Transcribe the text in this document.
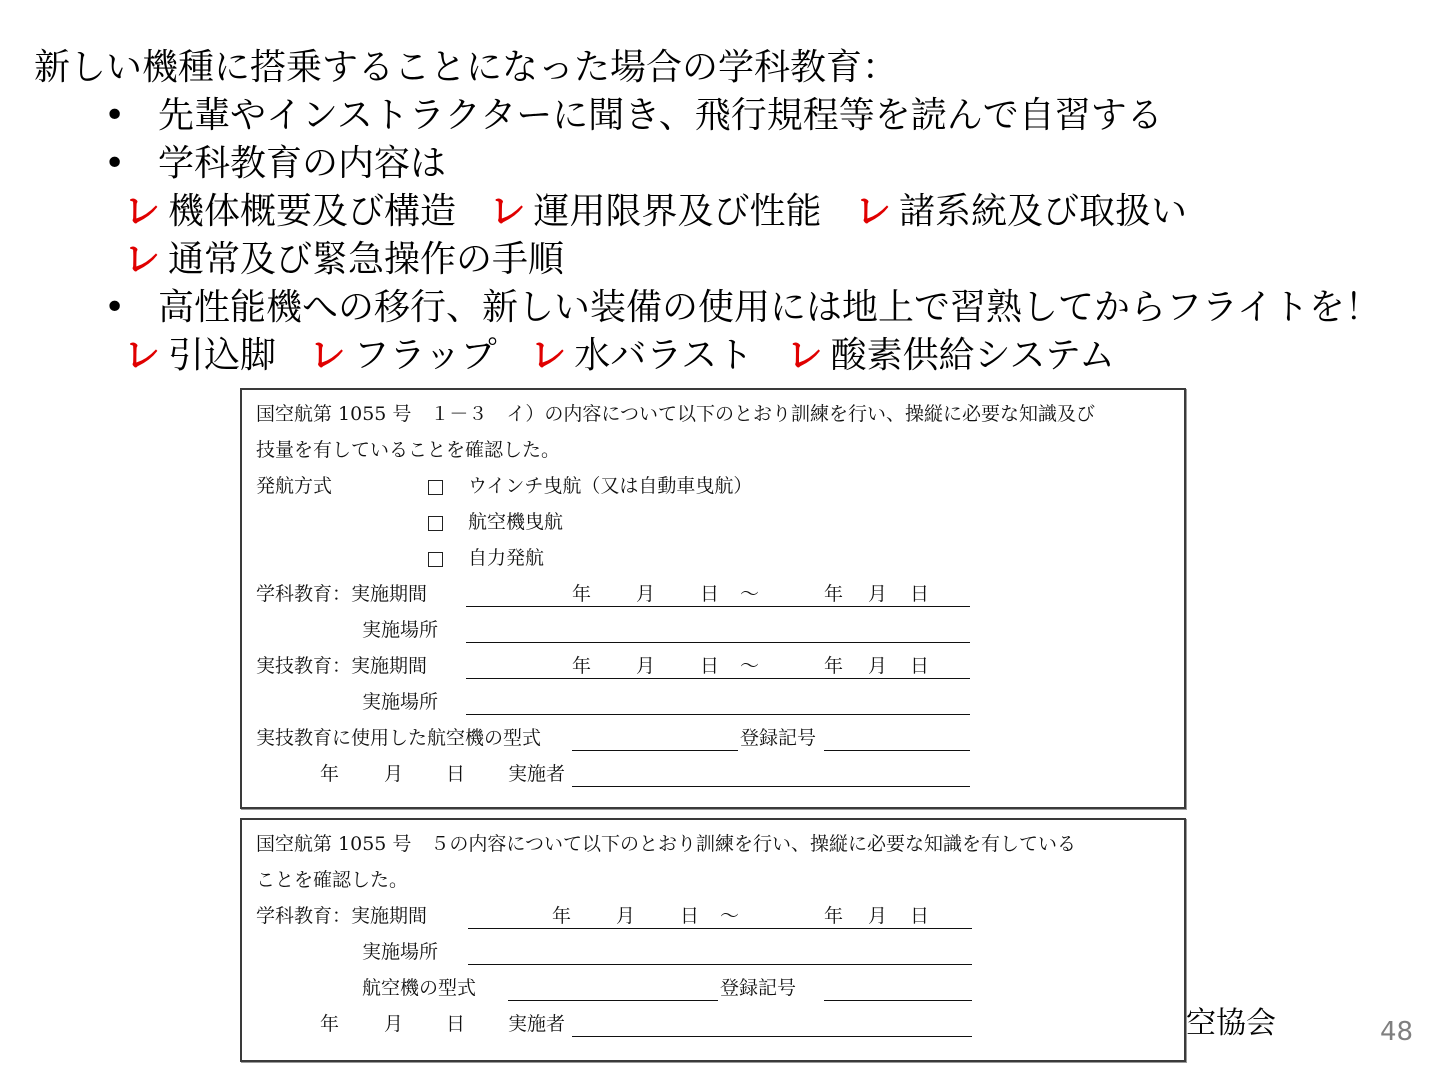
新しい機種に搭乗することになった場合の学科教育：
• 先輩やインストラクターに聞き、飛行規程等を読んで自習する
• 学科教育の内容は
レ 機体概要及び構造 レ 運用限界及び性能 レ 諸系統及び取扱い
レ 通常及び緊急操作の手順
• 高性能機への移行、新しい装備の使用には地上で習熟してからフライトを！
レ 引込脚 レ フラップ レ 水バラスト レ 酸素供給システム
国空航第 1055 号　１－３　イ）の内容について以下のとおり訓練を行い、操縦に必要な知識及び
技量を有していることを確認した。
発航方式	ウインチ曳航（又は自動車曳航）
航空機曳航
自力発航
学科教育：実施期間	年 月 日 ～	年 月 日
実施場所
実技教育：実施期間	年 月 日 ～	年 月 日
実施場所
実技教育に使用した航空機の型式	登録記号
年 月 日 実施者
国空航第 1055 号　５の内容について以下のとおり訓練を行い、操縦に必要な知識を有している
ことを確認した。
学科教育：実施期間	年 月 日 ～	年 月 日
実施場所
航空機の型式	登録記号
年 月 日 実施者	空協会	48
